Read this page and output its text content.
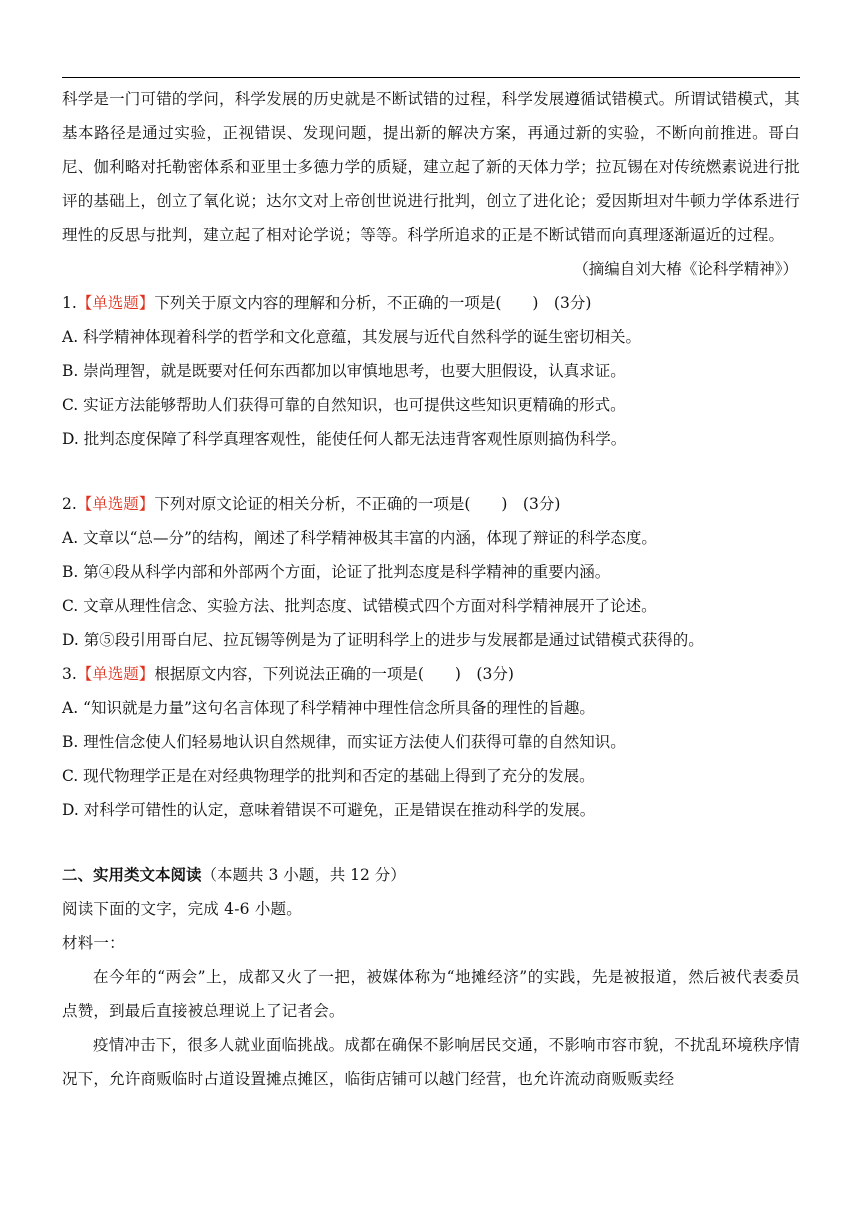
科学是一门可错的学问，科学发展的历史就是不断试错的过程，科学发展遵循试错模式。所谓试错模式，其基本路径是通过实验，正视错误、发现问题，提出新的解决方案，再通过新的实验，不断向前推进。哥白尼、伽利略对托勒密体系和亚里士多德力学的质疑，建立起了新的天体力学；拉瓦锡在对传统燃素说进行批评的基础上，创立了氧化说；达尔文对上帝创世说进行批判，创立了进化论；爱因斯坦对牛顿力学体系进行理性的反思与批判，建立起了相对论学说；等等。科学所追求的正是不断试错而向真理逐渐逼近的过程。

（摘编自刘大椿《论科学精神》）

1.【单选题】下列关于原文内容的理解和分析，不正确的一项是(　　)　(3分)

A. 科学精神体现着科学的哲学和文化意蕴，其发展与近代自然科学的诞生密切相关。

B. 崇尚理智，就是既要对任何东西都加以审慎地思考，也要大胆假设，认真求证。

C. 实证方法能够帮助人们获得可靠的自然知识，也可提供这些知识更精确的形式。

D. 批判态度保障了科学真理客观性，能使任何人都无法违背客观性原则搞伪科学。

2.【单选题】下列对原文论证的相关分析，不正确的一项是(　　)　(3分)

A. 文章以“总—分”的结构，阐述了科学精神极其丰富的内涵，体现了辩证的科学态度。

B. 第④段从科学内部和外部两个方面，论证了批判态度是科学精神的重要内涵。

C. 文章从理性信念、实验方法、批判态度、试错模式四个方面对科学精神展开了论述。

D. 第⑤段引用哥白尼、拉瓦锡等例是为了证明科学上的进步与发展都是通过试错模式获得的。

3.【单选题】根据原文内容，下列说法正确的一项是(　　)　(3分)

A. “知识就是力量”这句名言体现了科学精神中理性信念所具备的理性的旨趣。

B. 理性信念使人们轻易地认识自然规律，而实证方法使人们获得可靠的自然知识。

C. 现代物理学正是在对经典物理学的批判和否定的基础上得到了充分的发展。

D. 对科学可错性的认定，意味着错误不可避免，正是错误在推动科学的发展。

二、实用类文本阅读（本题共 3 小题，共 12 分）

阅读下面的文字，完成 4-6 小题。

材料一：

在今年的“两会”上，成都又火了一把，被媒体称为“地摊经济”的实践，先是被报道，然后被代表委员点赞，到最后直接被总理说上了记者会。

疫情冲击下，很多人就业面临挑战。成都在确保不影响居民交通，不影响市容市貌，不扰乱环境秩序情况下，允许商贩临时占道设置摊点摊区，临街店铺可以越门经营，也允许流动商贩贩卖经
